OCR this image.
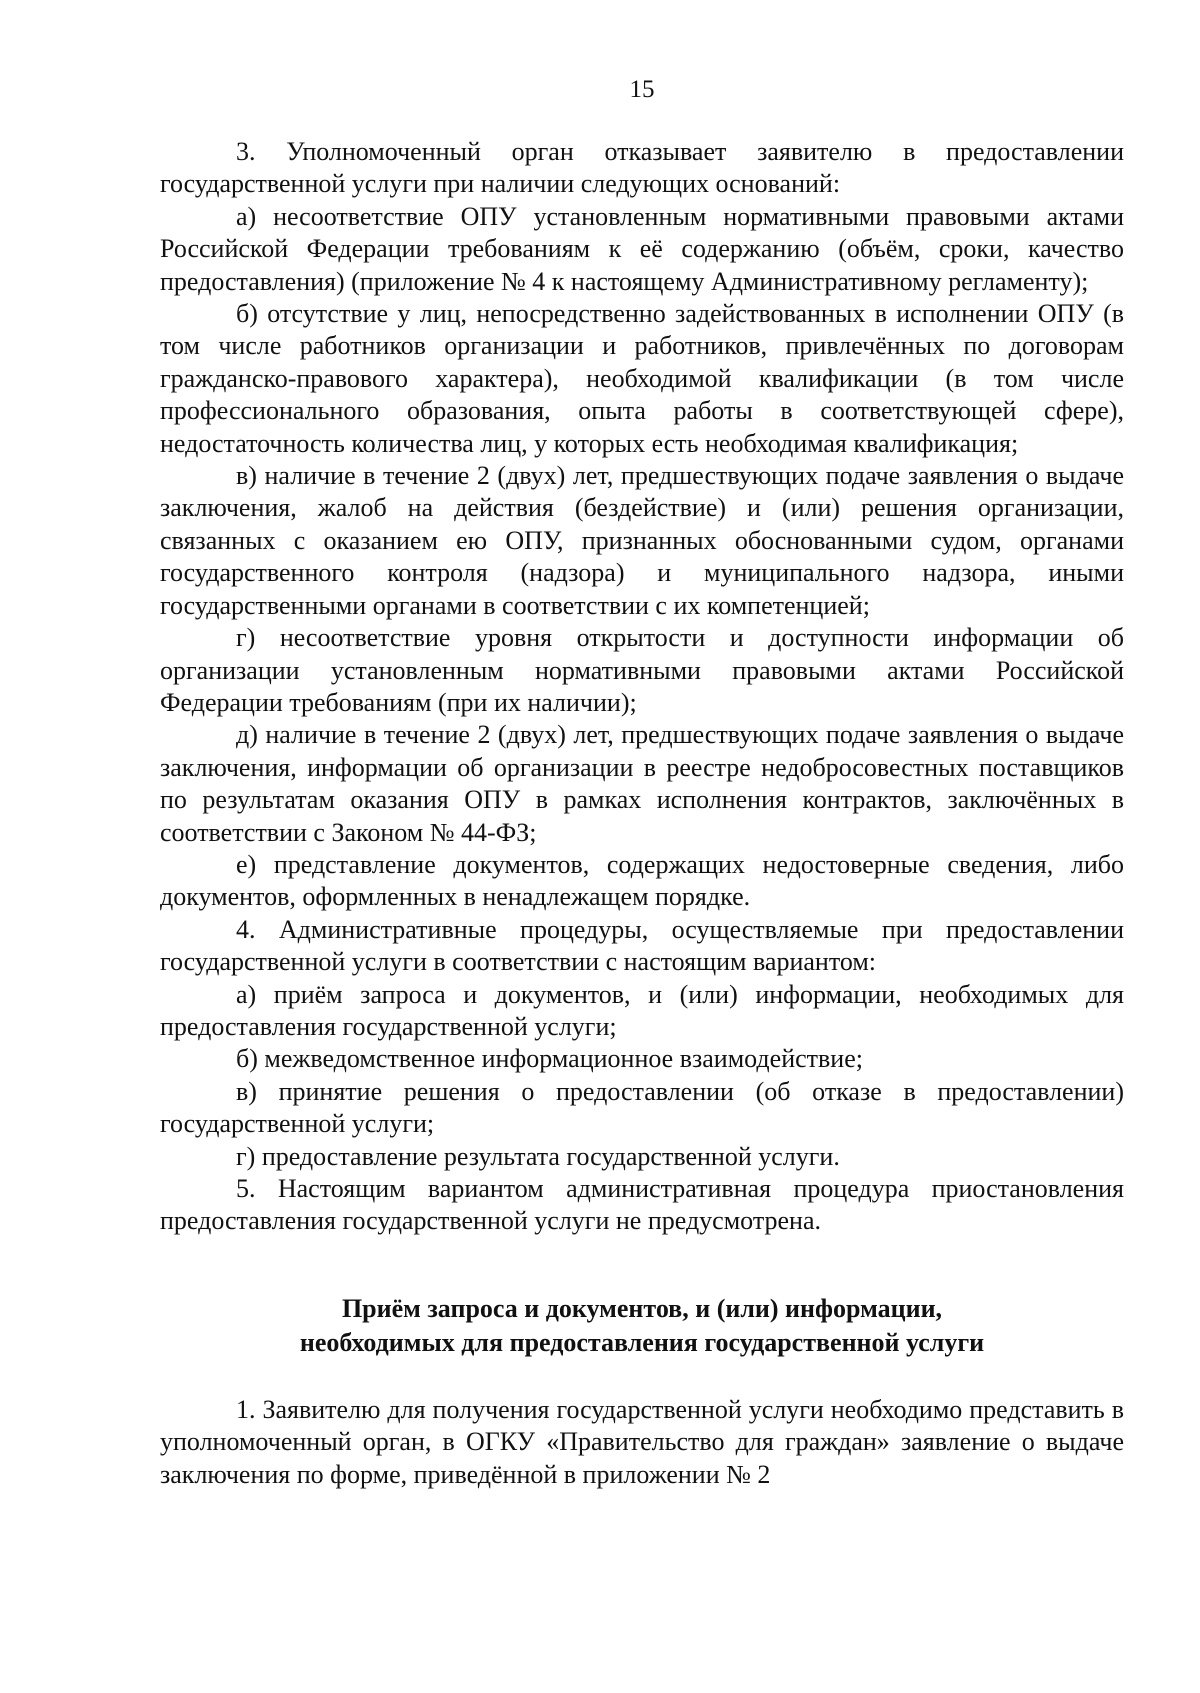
15

3. Уполномоченный орган отказывает заявителю в предоставлении государственной услуги при наличии следующих оснований:

а) несоответствие ОПУ установленным нормативными правовыми актами Российской Федерации требованиям к её содержанию (объём, сроки, качество предоставления) (приложение № 4 к настоящему Административному регламенту);

б) отсутствие у лиц, непосредственно задействованных в исполнении ОПУ (в том числе работников организации и работников, привлечённых по договорам гражданско-правового характера), необходимой квалификации (в том числе профессионального образования, опыта работы в соответствующей сфере), недостаточность количества лиц, у которых есть необходимая квалификация;

в) наличие в течение 2 (двух) лет, предшествующих подаче заявления о выдаче заключения, жалоб на действия (бездействие) и (или) решения организации, связанных с оказанием ею ОПУ, признанных обоснованными судом, органами государственного контроля (надзора) и муниципального надзора, иными государственными органами в соответствии с их компетенцией;

г) несоответствие уровня открытости и доступности информации об организации установленным нормативными правовыми актами Российской Федерации требованиям (при их наличии);

д) наличие в течение 2 (двух) лет, предшествующих подаче заявления о выдаче заключения, информации об организации в реестре недобросовестных поставщиков по результатам оказания ОПУ в рамках исполнения контрактов, заключённых в соответствии с Законом № 44-ФЗ;

е) представление документов, содержащих недостоверные сведения, либо документов, оформленных в ненадлежащем порядке.

4. Административные процедуры, осуществляемые при предоставлении государственной услуги в соответствии с настоящим вариантом:

а) приём запроса и документов, и (или) информации, необходимых для предоставления государственной услуги;

б) межведомственное информационное взаимодействие;

в) принятие решения о предоставлении (об отказе в предоставлении) государственной услуги;

г) предоставление результата государственной услуги.

5. Настоящим вариантом административная процедура приостановления предоставления государственной услуги не предусмотрена.

Приём запроса и документов, и (или) информации,
необходимых для предоставления государственной услуги

1. Заявителю для получения государственной услуги необходимо представить в уполномоченный орган, в ОГКУ «Правительство для граждан» заявление о выдаче заключения по форме, приведённой в приложении № 2
